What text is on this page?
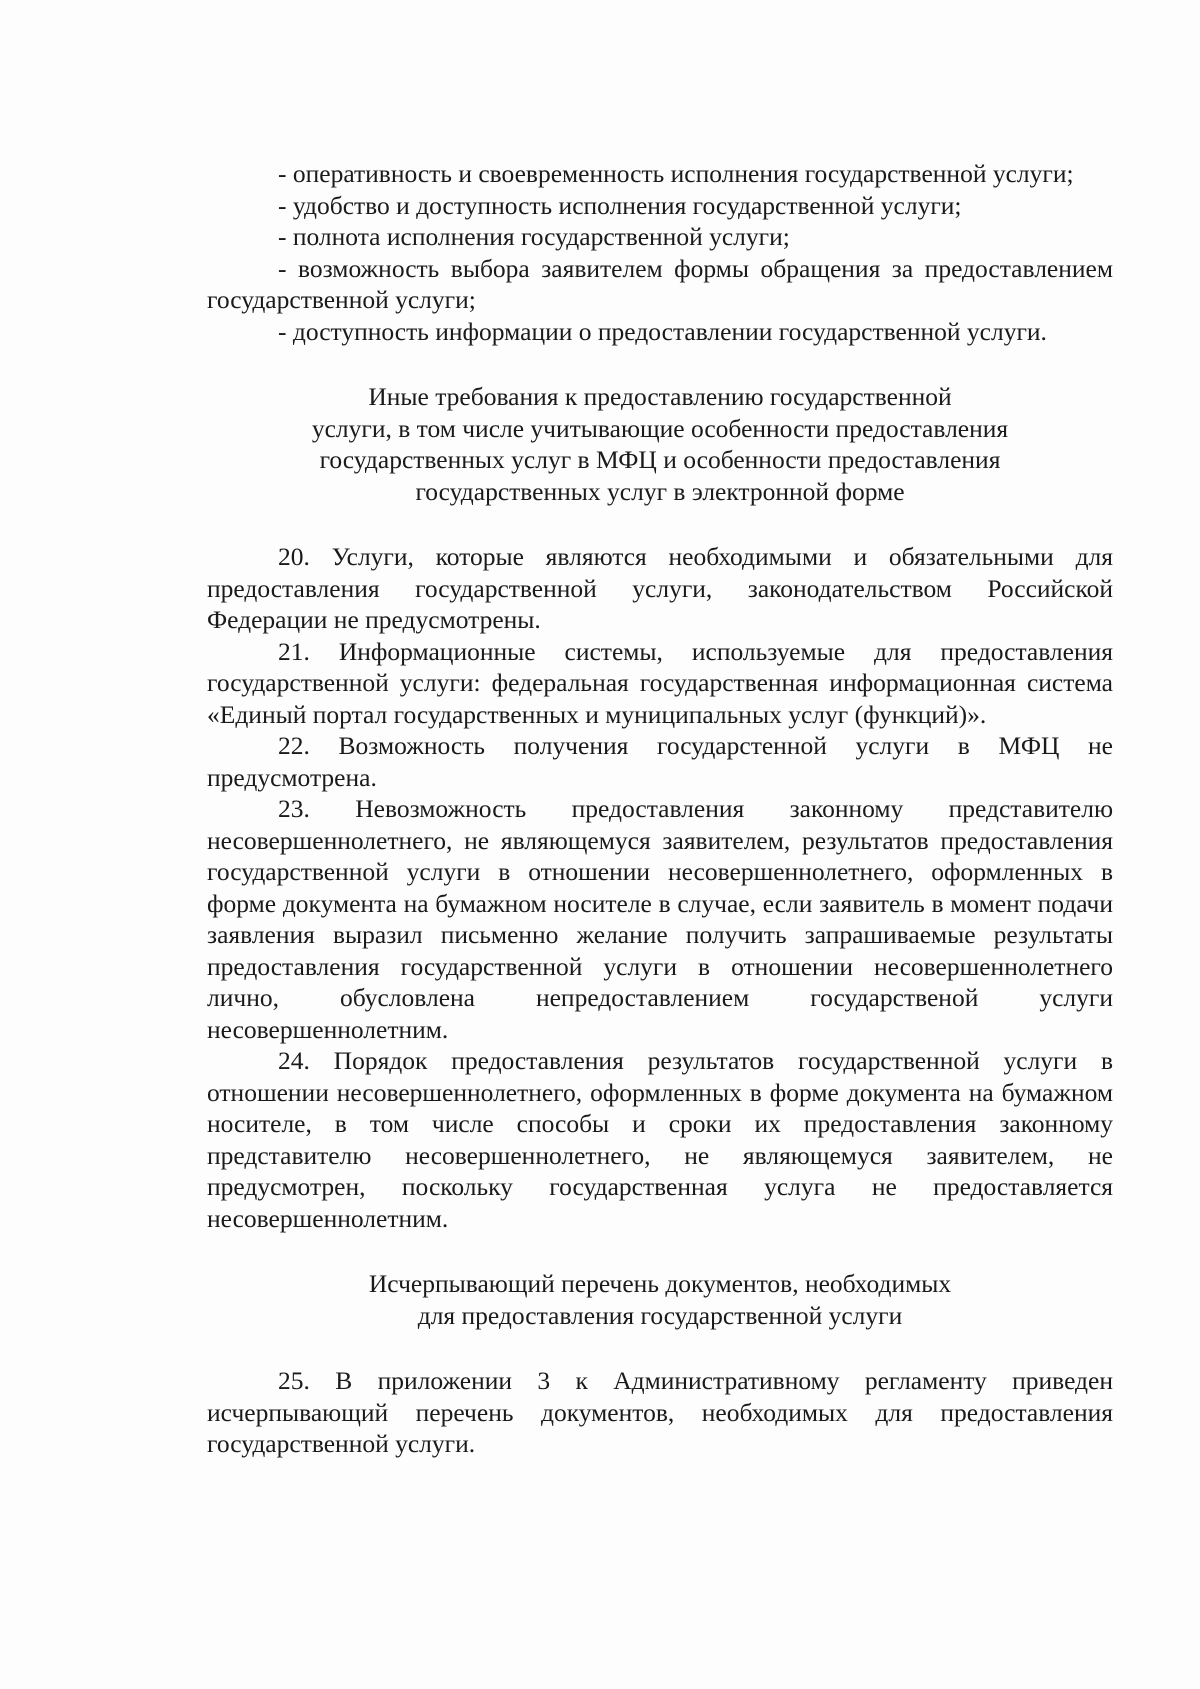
- оперативность и своевременность исполнения государственной услуги;

- удобство и доступность исполнения государственной услуги;

- полнота исполнения государственной услуги;

- возможность выбора заявителем формы обращения за предоставлением государственной услуги;

- доступность информации о предоставлении государственной услуги.

Иные требования к предоставлению государственной
услуги, в том числе учитывающие особенности предоставления
государственных услуг в МФЦ и особенности предоставления
государственных услуг в электронной форме

20. Услуги, которые являются необходимыми и обязательными для предоставления государственной услуги, законодательством Российской Федерации не предусмотрены.

21. Информационные системы, используемые для предоставления государственной услуги: федеральная государственная информационная система «Единый портал государственных и муниципальных услуг (функций)».

22. Возможность получения государстенной услуги в МФЦ не предусмотрена.

23. Невозможность предоставления законному представителю несовершеннолетнего, не являющемуся заявителем, результатов предоставления государственной услуги в отношении несовершеннолетнего, оформленных в форме документа на бумажном носителе в случае, если заявитель в момент подачи заявления выразил письменно желание получить запрашиваемые результаты предоставления государственной услуги в отношении несовершеннолетнего лично, обусловлена непредоставлением государственой услуги несовершеннолетним.

24. Порядок предоставления результатов государственной услуги в отношении несовершеннолетнего, оформленных в форме документа на бумажном носителе, в том числе способы и сроки их предоставления законному представителю несовершеннолетнего, не являющемуся заявителем, не предусмотрен, поскольку государственная услуга не предоставляется несовершеннолетним.

Исчерпывающий перечень документов, необходимых
для предоставления государственной услуги

25. В приложении 3 к Административному регламенту приведен исчерпывающий перечень документов, необходимых для предоставления государственной услуги.
